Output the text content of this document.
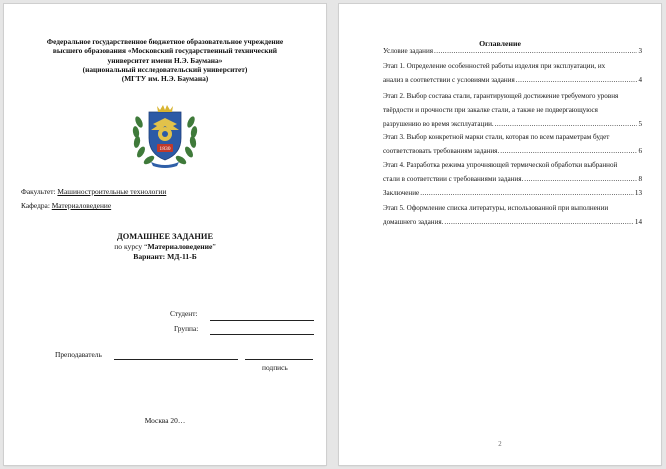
Федеральное государственное бюджетное образовательное учреждение
высшего образования «Московский государственный технический
университет имени Н.Э. Баумана»
(национальный исследовательский университет)
(МГТУ им. Н.Э. Баумана)
1830
Факультет: Машиностроительные технологии
Кафедра: Материаловедение
ДОМАШНЕЕ ЗАДАНИЕ
по курсу “Материаловедение”
Вариант: МД-11-Б
Студент:
Группа:
Преподаватель
подпись
Москва 20…
Оглавление
Условие задания .....	3
Этап 1. Определение особенностей работы изделия при эксплуатации, их
анализ в соответствии с условиями задания .....	4
Этап 2. Выбор состава стали, гарантирующей достижение требуемого уровня твёрдости и прочности при закалке стали, а также не подвергающуюся
разрушению во время эксплуатации. .....	5
Этап 3. Выбор конкретной марки стали, которая по всем параметрам будет
соответствовать требованиям задания. .....	6
Этап 4. Разработка режима упрочняющей термической обработки выбранной
стали в соответствии с требованиями задания. .....	8
Заключение .....	13
Этап 5. Оформление списка литературы, использованной при выполнении
домашнего задания. .....	14
2
